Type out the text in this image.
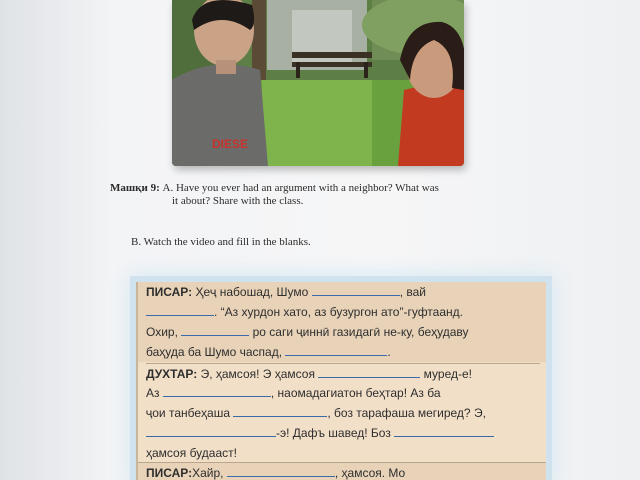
DIESE
Машқи 9: A. Have you ever had an argument with a neighbor? What was
it about? Share with the class.
B. Watch the video and fill in the blanks.
ПИСАР: Ҳеҷ набошад, Шумо	, вай
. “Аз хурдон хато, аз бузургон ато”-гуфтаанд.
Охир,	ро саги ҷиннӣ газидагӣ не-ку, беҳудаву
баҳуда ба Шумо часпад,	.
ДУХТАР: Э, ҳамсоя! Э ҳамсоя	муред-е!
Аз	, наомадагиатон беҳтар! Аз ба
ҷои танбеҳаша	, боз тарафаша мегиред? Э,
-э! Дафъ шавед! Боз
ҳамсоя будааст!
ПИСАР:Хайр,	, ҳамсоя. Мо
